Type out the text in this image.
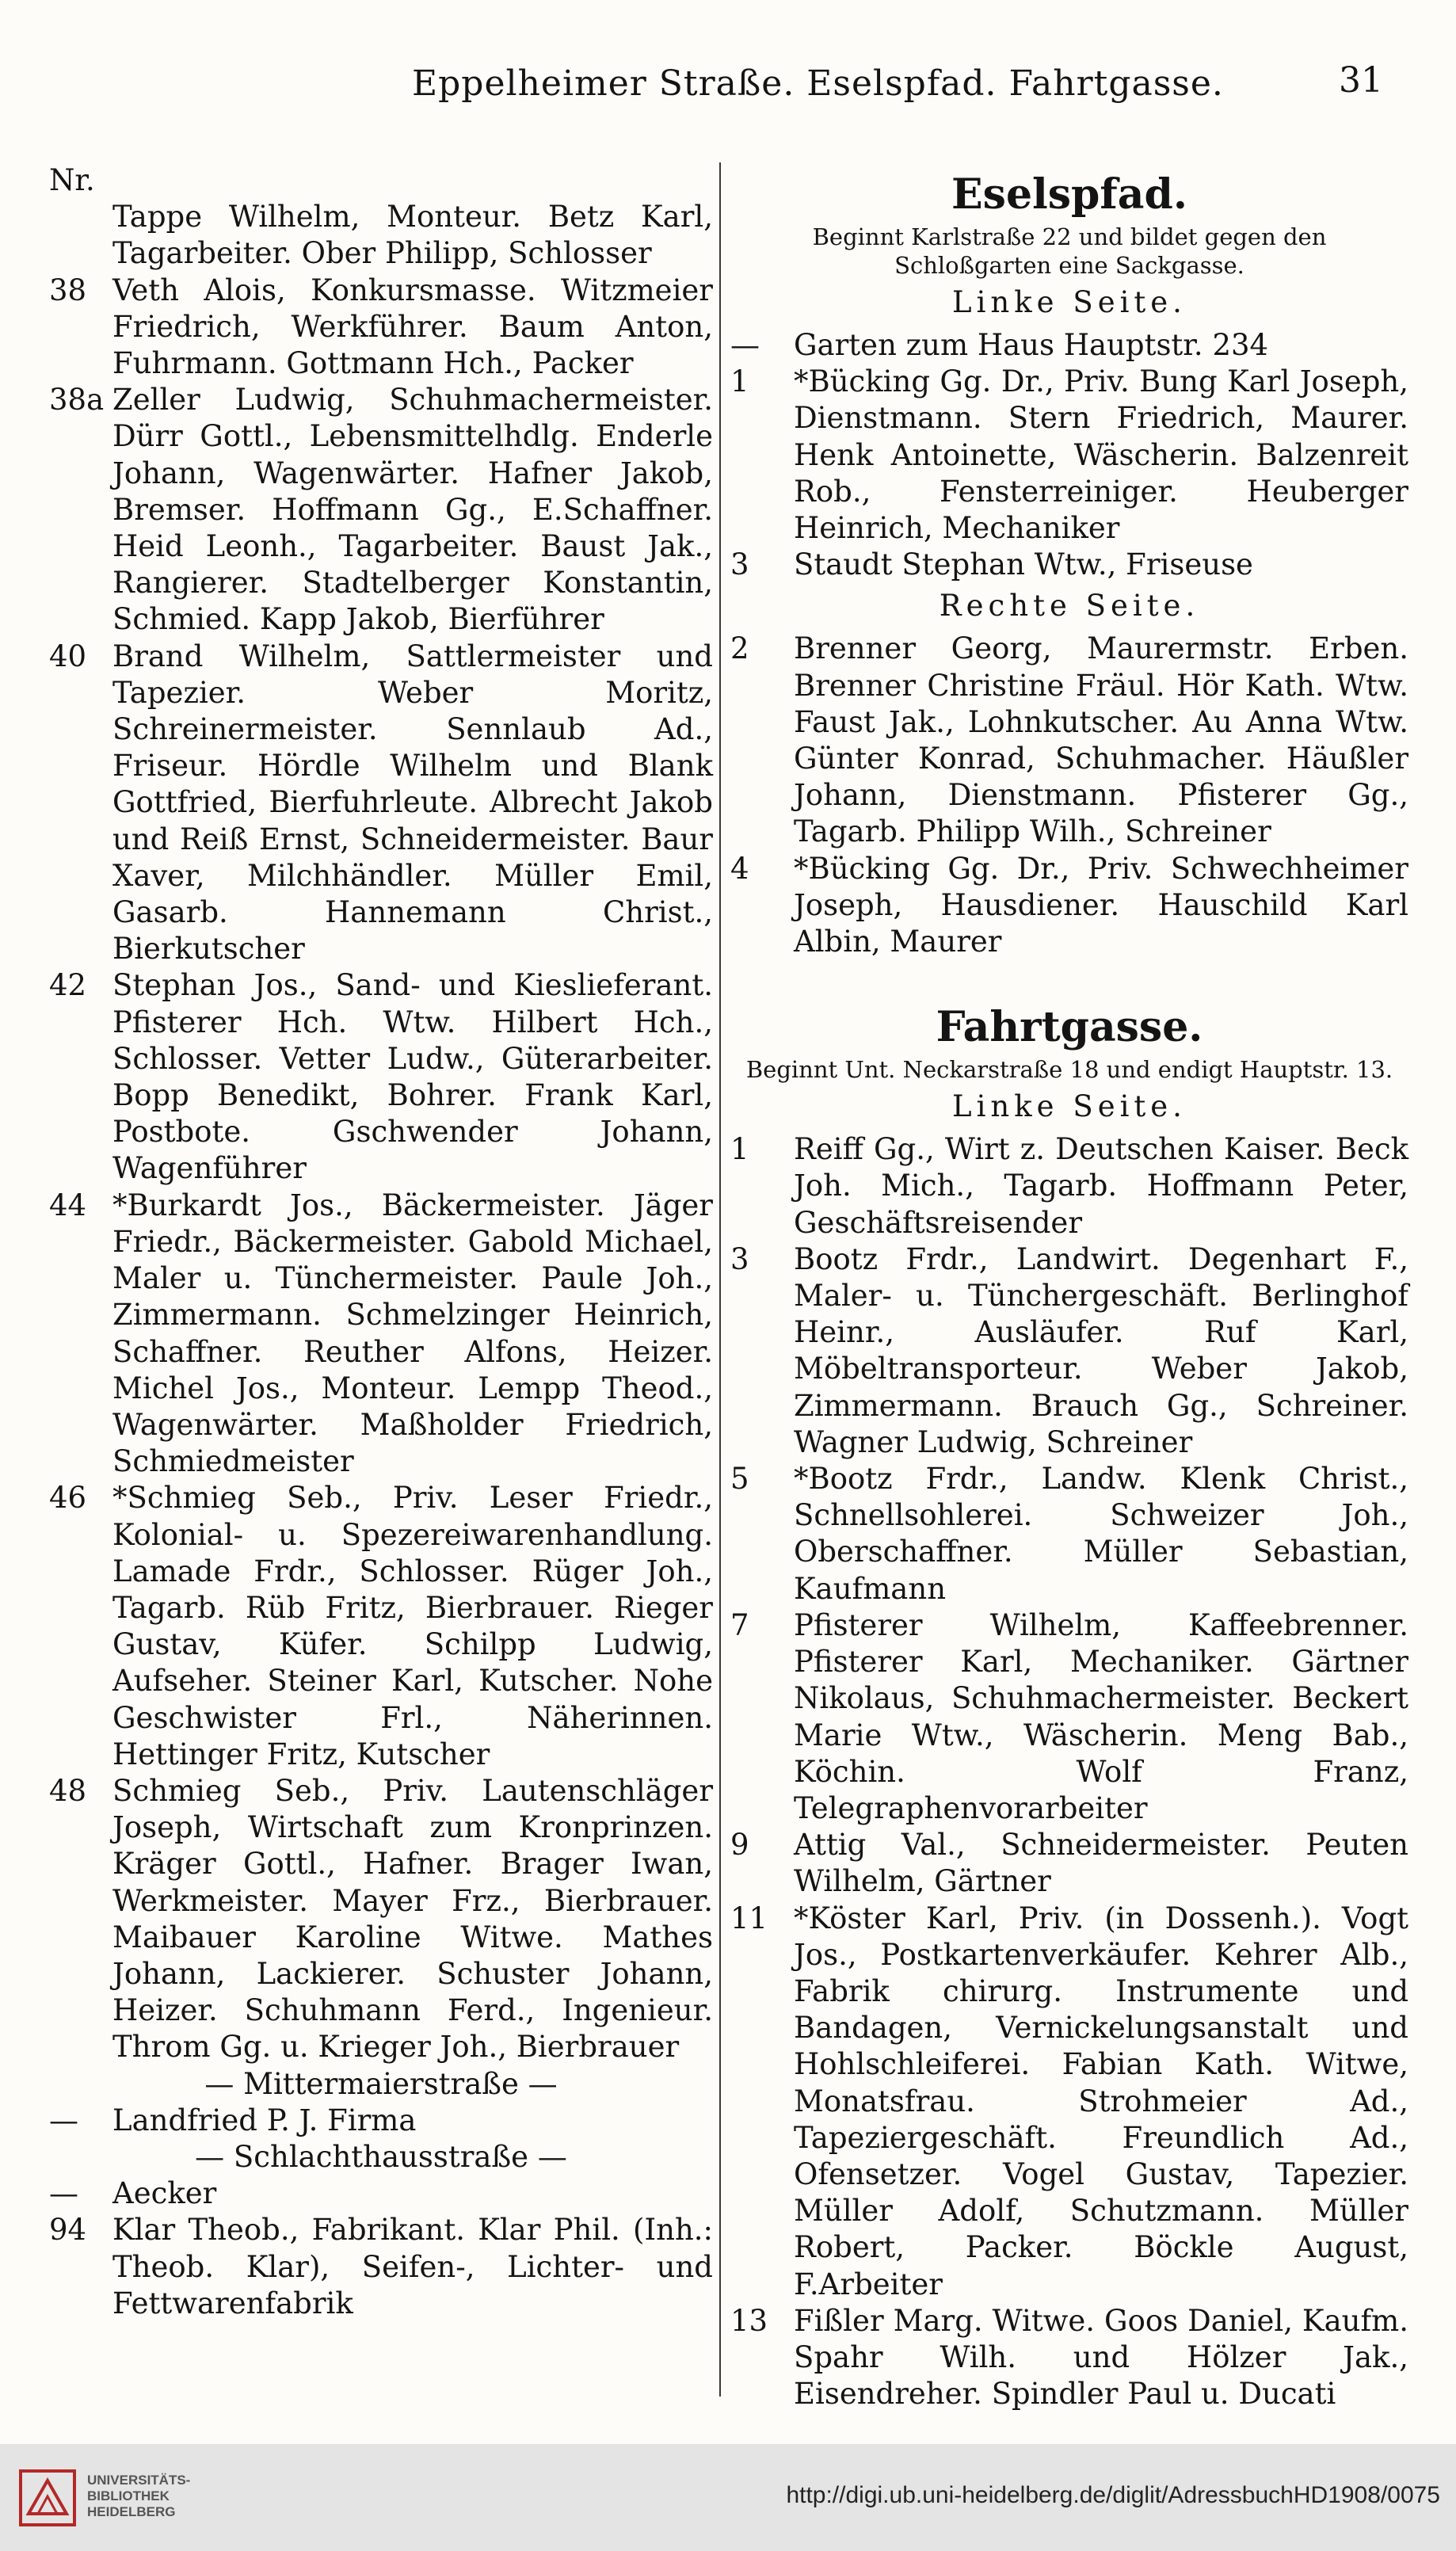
Eppelheimer Straße. Eselspfad. Fahrtgasse.	31

Nr.

Tappe Wilhelm, Monteur. Betz Karl, Tagarbeiter. Ober Philipp, Schlosser
38 Veth Alois, Konkursmasse. Witzmeier Friedrich, Werkführer. Baum Anton, Fuhrmann. Gottmann Hch., Packer
38a Zeller Ludwig, Schuhmachermeister. Dürr Gottl., Lebensmittelhdlg. Enderle Johann, Wagenwärter. Hafner Jakob, Bremser. Hoffmann Gg., E.Schaffner. Heid Leonh., Tagarbeiter. Baust Jak., Rangierer. Stadtelberger Konstantin, Schmied. Kapp Jakob, Bierführer
40 Brand Wilhelm, Sattlermeister und Tapezier. Weber Moritz, Schreinermeister. Sennlaub Ad., Friseur. Hördle Wilhelm und Blank Gottfried, Bierfuhrleute. Albrecht Jakob und Reiß Ernst, Schneidermeister. Baur Xaver, Milchhändler. Müller Emil, Gasarb. Hannemann Christ., Bierkutscher
42 Stephan Jos., Sand- und Kieslieferant. Pfisterer Hch. Wtw. Hilbert Hch., Schlosser. Vetter Ludw., Güterarbeiter. Bopp Benedikt, Bohrer. Frank Karl, Postbote. Gschwender Johann, Wagenführer
44 *Burkardt Jos., Bäckermeister. Jäger Friedr., Bäckermeister. Gabold Michael, Maler u. Tünchermeister. Paule Joh., Zimmermann. Schmelzinger Heinrich, Schaffner. Reuther Alfons, Heizer. Michel Jos., Monteur. Lempp Theod., Wagenwärter. Maßholder Friedrich, Schmiedmeister
46 *Schmieg Seb., Priv. Leser Friedr., Kolonial- u. Spezereiwarenhandlung. Lamade Frdr., Schlosser. Rüger Joh., Tagarb. Rüb Fritz, Bierbrauer. Rieger Gustav, Küfer. Schilpp Ludwig, Aufseher. Steiner Karl, Kutscher. Nohe Geschwister Frl., Näherinnen. Hettinger Fritz, Kutscher
48 Schmieg Seb., Priv. Lautenschläger Joseph, Wirtschaft zum Kronprinzen. Kräger Gottl., Hafner. Brager Iwan, Werkmeister. Mayer Frz., Bierbrauer. Maibauer Karoline Witwe. Mathes Johann, Lackierer. Schuster Johann, Heizer. Schuhmann Ferd., Ingenieur. Throm Gg. u. Krieger Joh., Bierbrauer

— Mittermaierstraße —

—	Landfried P. J. Firma

— Schlachthausstraße —

—	Aecker
94 Klar Theob., Fabrikant. Klar Phil. (Inh.: Theob. Klar), Seifen-, Lichter- und Fettwarenfabrik
Eselspfad.

Beginnt Karlstraße 22 und bildet gegen den Schloßgarten eine Sackgasse.

Linke Seite.

—	Garten zum Haus Hauptstr. 234
1	*Bücking Gg. Dr., Priv. Bung Karl Joseph, Dienstmann. Stern Friedrich, Maurer. Henk Antoinette, Wäscherin. Balzenreit Rob., Fensterreiniger. Heuberger Heinrich, Mechaniker
3	Staudt Stephan Wtw., Friseuse

Rechte Seite.

2	Brenner Georg, Maurermstr. Erben. Brenner Christine Fräul. Hör Kath. Wtw. Faust Jak., Lohnkutscher. Au Anna Wtw. Günter Konrad, Schuhmacher. Häußler Johann, Dienstmann. Pfisterer Gg., Tagarb. Philipp Wilh., Schreiner
4	*Bücking Gg. Dr., Priv. Schwechheimer Joseph, Hausdiener. Hauschild Karl Albin, Maurer
Fahrtgasse.

Beginnt Unt. Neckarstraße 18 und endigt Hauptstr. 13.

Linke Seite.

1	Reiff Gg., Wirt z. Deutschen Kaiser. Beck Joh. Mich., Tagarb. Hoffmann Peter, Geschäftsreisender
3	Bootz Frdr., Landwirt. Degenhart F., Maler- u. Tünchergeschäft. Berlinghof Heinr., Ausläufer. Ruf Karl, Möbeltransporteur. Weber Jakob, Zimmermann. Brauch Gg., Schreiner. Wagner Ludwig, Schreiner
5	*Bootz Frdr., Landw. Klenk Christ., Schnellsohlerei. Schweizer Joh., Oberschaffner. Müller Sebastian, Kaufmann
7	Pfisterer Wilhelm, Kaffeebrenner. Pfisterer Karl, Mechaniker. Gärtner Nikolaus, Schuhmachermeister. Beckert Marie Wtw., Wäscherin. Meng Bab., Köchin. Wolf Franz, Telegraphenvorarbeiter
9	Attig Val., Schneidermeister. Peuten Wilhelm, Gärtner
11 *Köster Karl, Priv. (in Dossenh.). Vogt Jos., Postkartenverkäufer. Kehrer Alb., Fabrik chirurg. Instrumente und Bandagen, Vernickelungsanstalt und Hohlschleiferei. Fabian Kath. Witwe, Monatsfrau. Strohmeier Ad., Tapeziergeschäft. Freundlich Ad., Ofensetzer. Vogel Gustav, Tapezier. Müller Adolf, Schutzmann. Müller Robert, Packer. Böckle August, F.Arbeiter
13 Fißler Marg. Witwe. Goos Daniel, Kaufm. Spahr Wilh. und Hölzer Jak., Eisendreher. Spindler Paul u. Ducati
UNIVERSITÄTS-
BIBLIOTHEK
HEIDELBERG
http://digi.ub.uni-heidelberg.de/diglit/AdressbuchHD1908/0075
